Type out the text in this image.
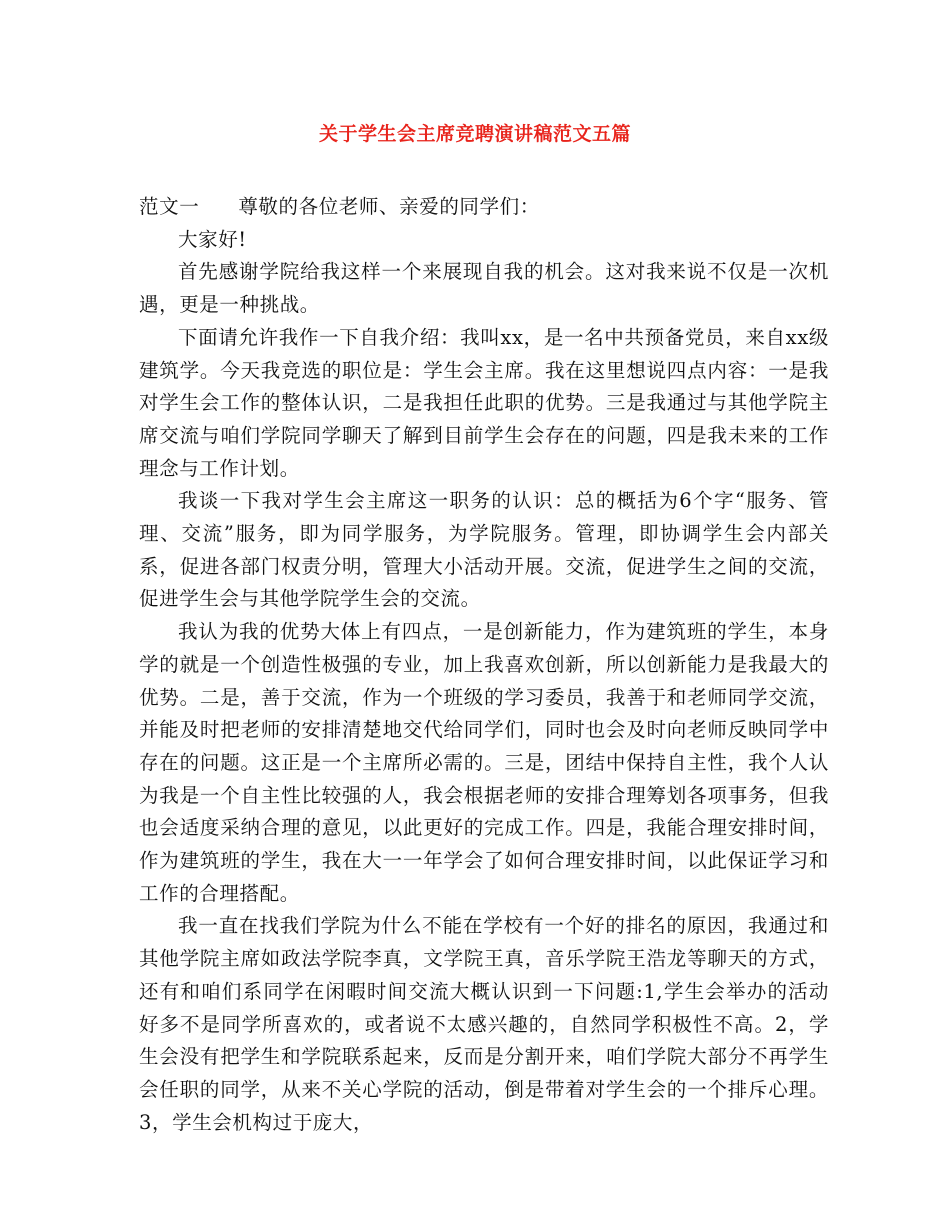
关于学生会主席竞聘演讲稿范文五篇

范文一 尊敬的各位老师、亲爱的同学们：

大家好!

首先感谢学院给我这样一个来展现自我的机会。这对我来说不仅是一次机遇，更是一种挑战。

下面请允许我作一下自我介绍：我叫xx，是一名中共预备党员，来自xx级建筑学。今天我竞选的职位是：学生会主席。我在这里想说四点内容：一是我对学生会工作的整体认识，二是我担任此职的优势。三是我通过与其他学院主席交流与咱们学院同学聊天了解到目前学生会存在的问题，四是我未来的工作理念与工作计划。

我谈一下我对学生会主席这一职务的认识：总的概括为6个字“服务、管理、交流”服务，即为同学服务，为学院服务。管理，即协调学生会内部关系，促进各部门权责分明，管理大小活动开展。交流，促进学生之间的交流，促进学生会与其他学院学生会的交流。

我认为我的优势大体上有四点，一是创新能力，作为建筑班的学生，本身学的就是一个创造性极强的专业，加上我喜欢创新，所以创新能力是我最大的优势。二是，善于交流，作为一个班级的学习委员，我善于和老师同学交流，并能及时把老师的安排清楚地交代给同学们，同时也会及时向老师反映同学中存在的问题。这正是一个主席所必需的。三是，团结中保持自主性，我个人认为我是一个自主性比较强的人，我会根据老师的安排合理筹划各项事务，但我也会适度采纳合理的意见，以此更好的完成工作。四是，我能合理安排时间，作为建筑班的学生，我在大一一年学会了如何合理安排时间，以此保证学习和工作的合理搭配。

我一直在找我们学院为什么不能在学校有一个好的排名的原因，我通过和其他学院主席如政法学院李真，文学院王真，音乐学院王浩龙等聊天的方式，还有和咱们系同学在闲暇时间交流大概认识到一下问题:1,学生会举办的活动好多不是同学所喜欢的，或者说不太感兴趣的，自然同学积极性不高。2，学生会没有把学生和学院联系起来，反而是分割开来，咱们学院大部分不再学生会任职的同学，从来不关心学院的活动，倒是带着对学生会的一个排斥心理。3，学生会机构过于庞大，
